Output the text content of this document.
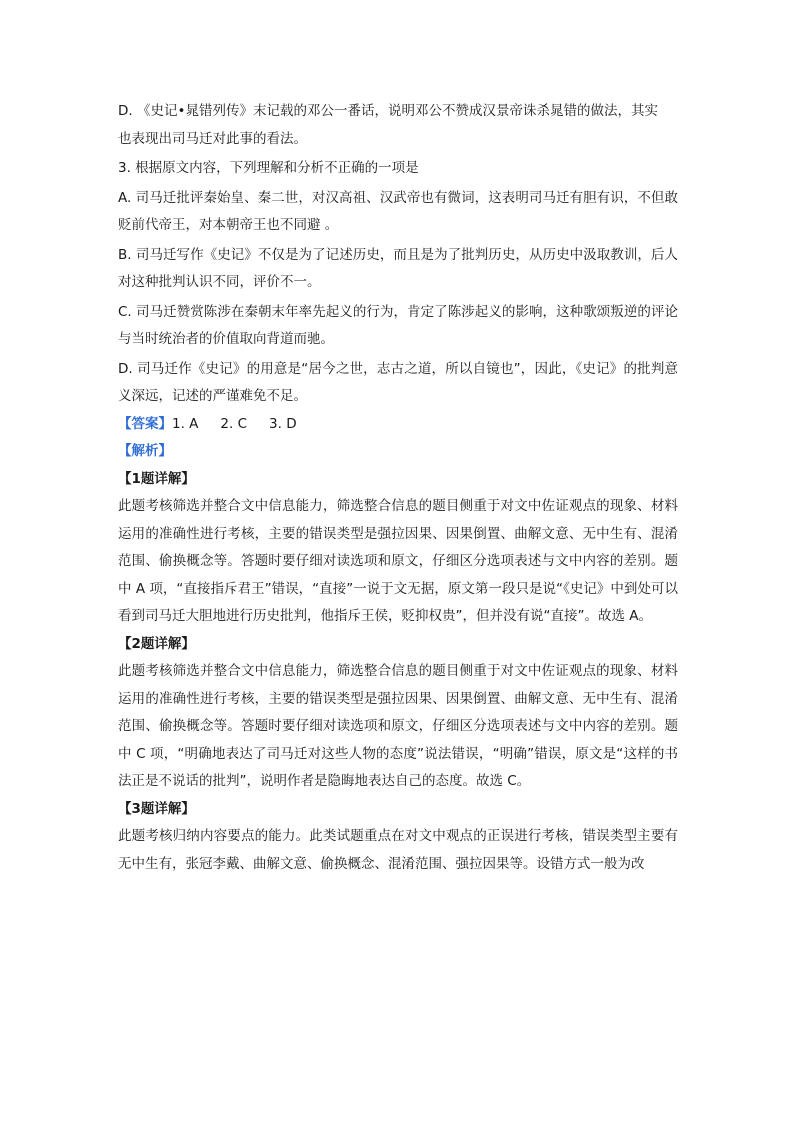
D. 《史记•晁错列传》末记载的邓公一番话，说明邓公不赞成汉景帝诛杀晁错的做法，其实
也表现出司马迁对此事的看法。

3. 根据原文内容，下列理解和分析不正确的一项是

A. 司马迁批评秦始皇、秦二世，对汉高祖、汉武帝也有微词，这表明司马迁有胆有识，不但敢贬前代帝王，对本朝帝王也不同避 。

B. 司马迁写作《史记》不仅是为了记述历史，而且是为了批判历史，从历史中汲取教训，后人对这种批判认识不同，评价不一。

C. 司马迁赞赏陈涉在秦朝末年率先起义的行为，肯定了陈涉起义的影响，这种歌颂叛逆的评论与当时统治者的价值取向背道而驰。

D. 司马迁作《史记》的用意是“居今之世，志古之道，所以自镜也”，因此，《史记》的批判意义深远，记述的严谨难免不足。

【答案】1. A 2. C 3. D

【解析】

【1题详解】

此题考核筛选并整合文中信息能力，筛选整合信息的题目侧重于对文中佐证观点的现象、材料运用的准确性进行考核，主要的错误类型是强拉因果、因果倒置、曲解文意、无中生有、混淆范围、偷换概念等。答题时要仔细对读选项和原文，仔细区分选项表述与文中内容的差别。题中 A 项，“直接指斥君王”错误，“直接”一说于文无据，原文第一段只是说“《史记》中到处可以看到司马迁大胆地进行历史批判，他指斥王侯，贬抑权贵”，但并没有说“直接”。故选 A。

【2题详解】

此题考核筛选并整合文中信息能力，筛选整合信息的题目侧重于对文中佐证观点的现象、材料运用的准确性进行考核，主要的错误类型是强拉因果、因果倒置、曲解文意、无中生有、混淆范围、偷换概念等。答题时要仔细对读选项和原文，仔细区分选项表述与文中内容的差别。题中 C 项，“明确地表达了司马迁对这些人物的态度”说法错误，“明确”错误，原文是“这样的书法正是不说话的批判”，说明作者是隐晦地表达自己的态度。故选 C。

【3题详解】

此题考核归纳内容要点的能力。此类试题重点在对文中观点的正误进行考核，错误类型主要有无中生有，张冠李戴、曲解文意、偷换概念、混淆范围、强拉因果等。设错方式一般为改
